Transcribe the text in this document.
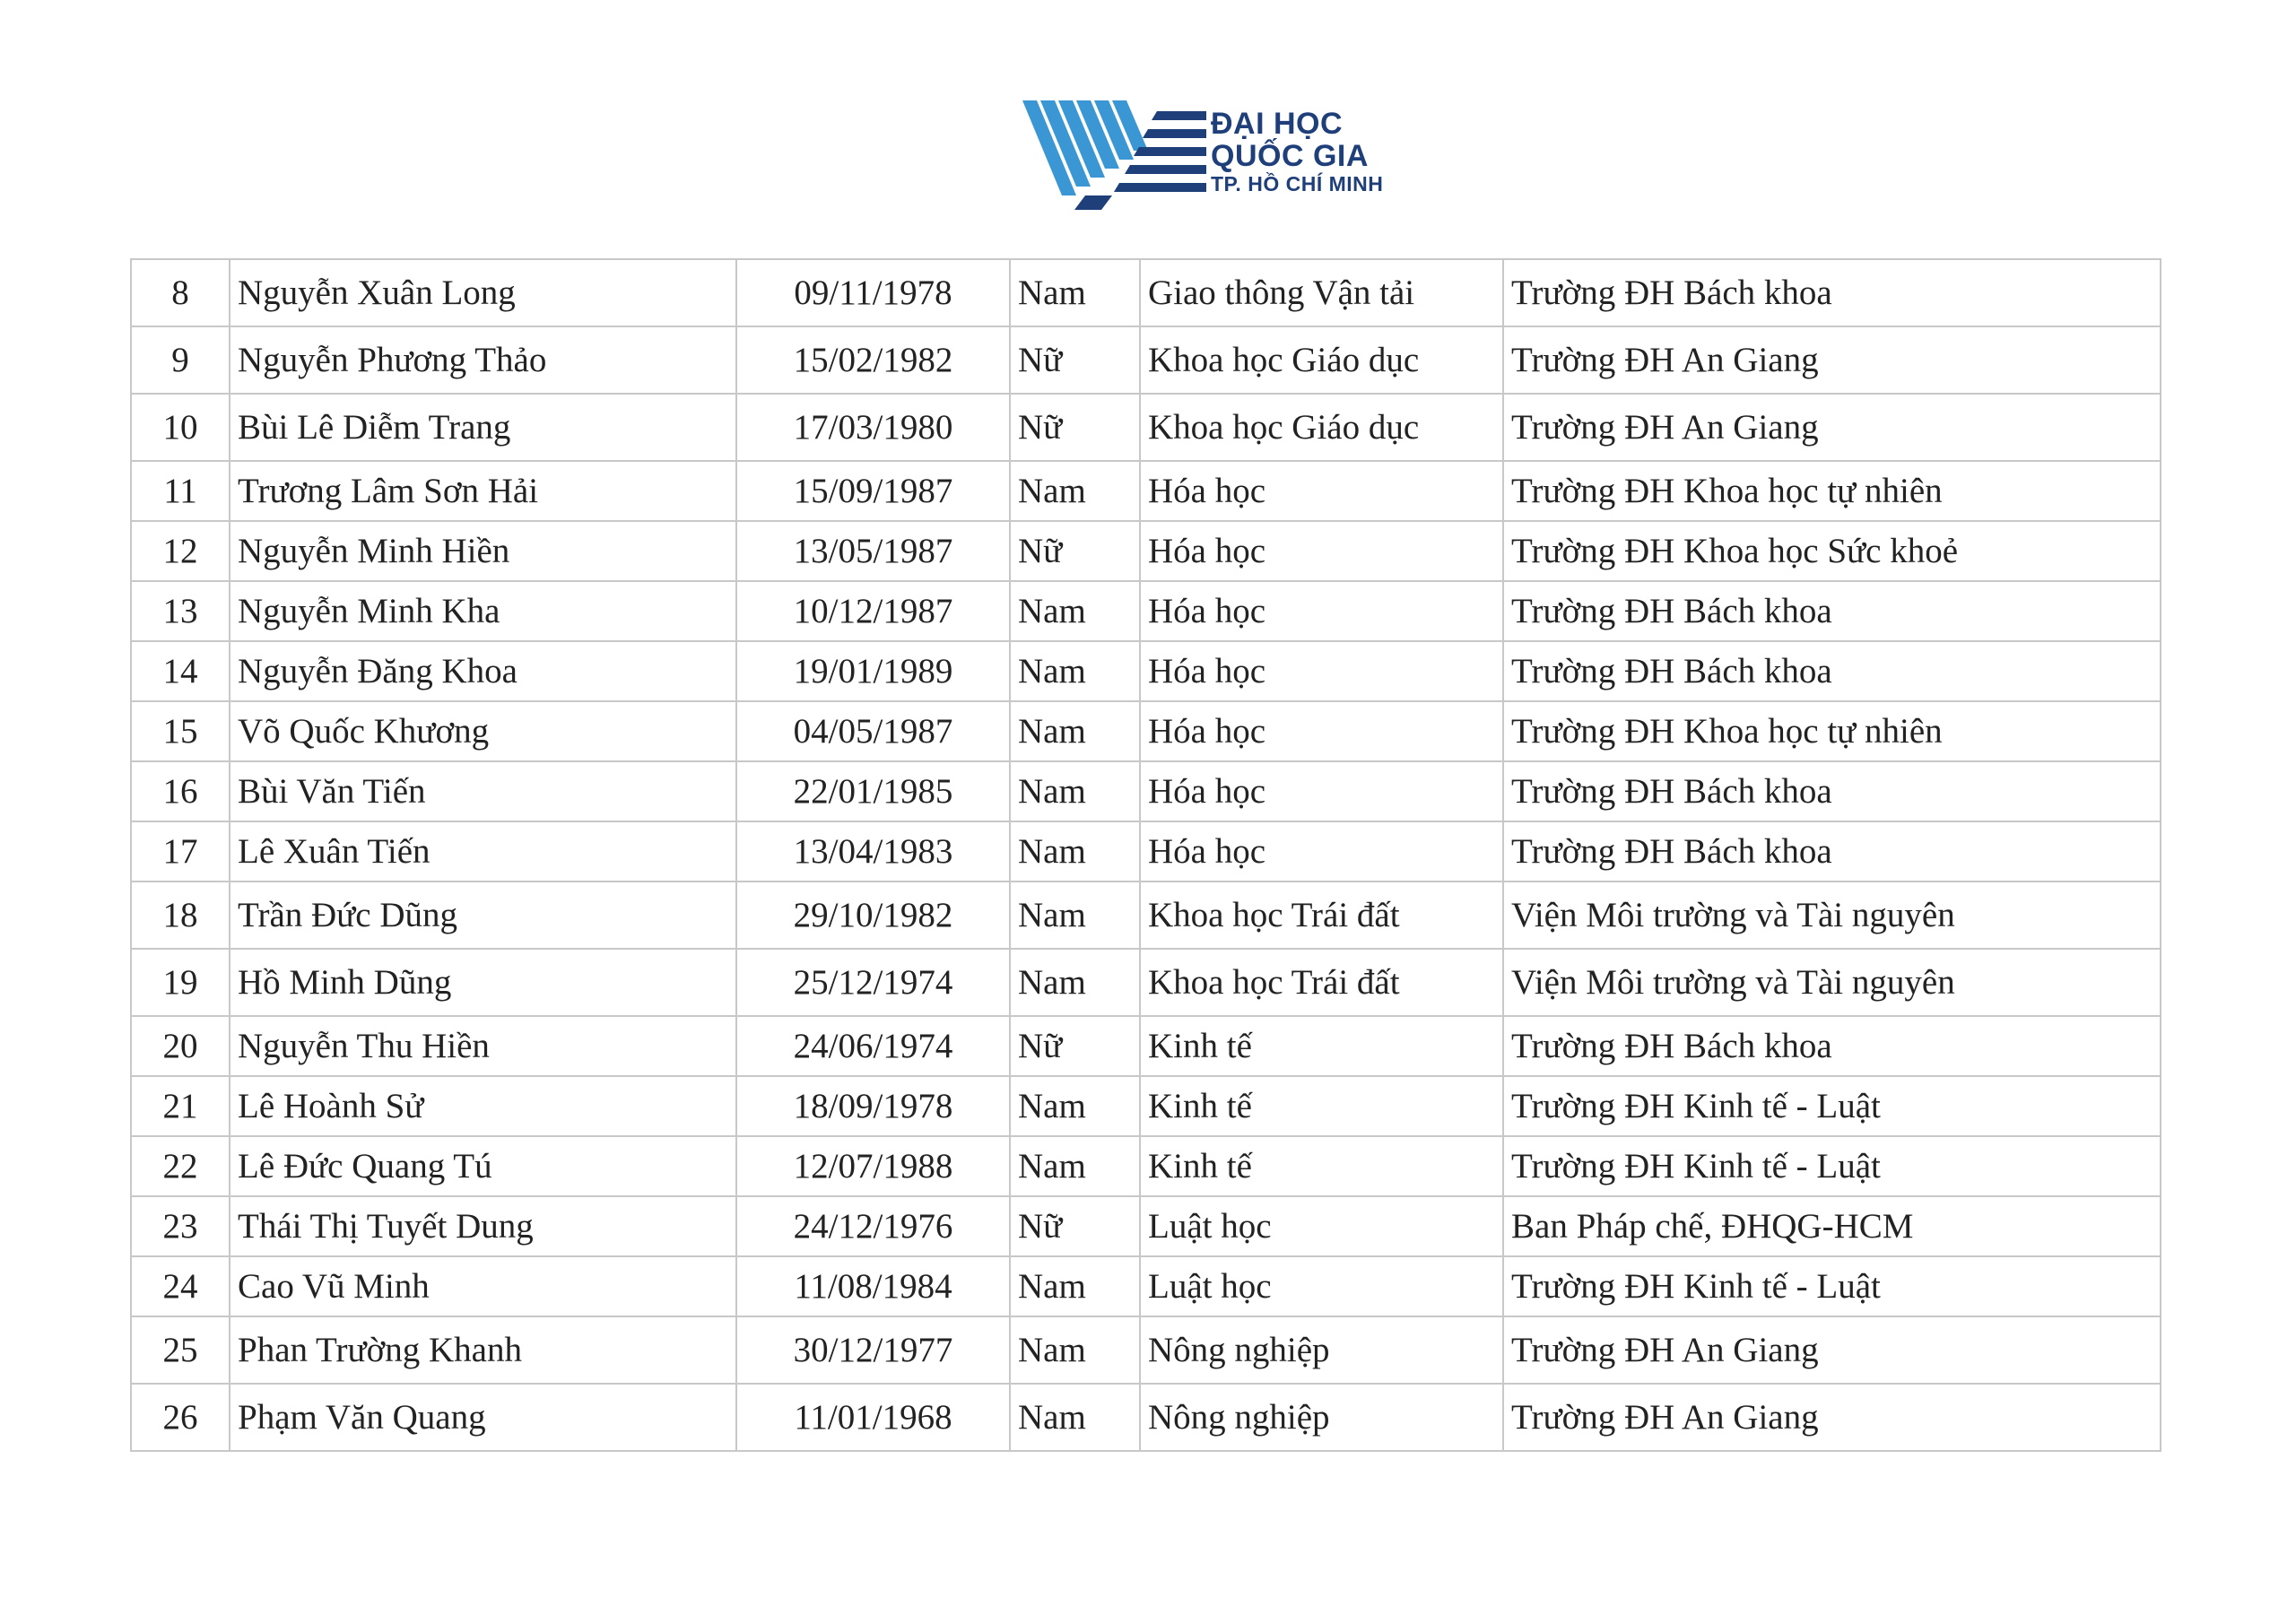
ĐẠI HỌC
QUỐC GIA
TP. HỒ CHÍ MINH
8	Nguyễn Xuân Long	09/11/1978	Nam	Giao thông Vận tải	Trường ĐH Bách khoa
9	Nguyễn Phương Thảo	15/02/1982	Nữ	Khoa học Giáo dục	Trường ĐH An Giang
10	Bùi Lê Diễm Trang	17/03/1980	Nữ	Khoa học Giáo dục	Trường ĐH An Giang
11	Trương Lâm Sơn Hải	15/09/1987	Nam	Hóa học	Trường ĐH Khoa học tự nhiên
12	Nguyễn Minh Hiền	13/05/1987	Nữ	Hóa học	Trường ĐH Khoa học Sức khoẻ
13	Nguyễn Minh Kha	10/12/1987	Nam	Hóa học	Trường ĐH Bách khoa
14	Nguyễn Đăng Khoa	19/01/1989	Nam	Hóa học	Trường ĐH Bách khoa
15	Võ Quốc Khương	04/05/1987	Nam	Hóa học	Trường ĐH Khoa học tự nhiên
16	Bùi Văn Tiến	22/01/1985	Nam	Hóa học	Trường ĐH Bách khoa
17	Lê Xuân Tiến	13/04/1983	Nam	Hóa học	Trường ĐH Bách khoa
18	Trần Đức Dũng	29/10/1982	Nam	Khoa học Trái đất	Viện Môi trường và Tài nguyên
19	Hồ Minh Dũng	25/12/1974	Nam	Khoa học Trái đất	Viện Môi trường và Tài nguyên
20	Nguyễn Thu Hiền	24/06/1974	Nữ	Kinh tế	Trường ĐH Bách khoa
21	Lê Hoành Sử	18/09/1978	Nam	Kinh tế	Trường ĐH Kinh tế - Luật
22	Lê Đức Quang Tú	12/07/1988	Nam	Kinh tế	Trường ĐH Kinh tế - Luật
23	Thái Thị Tuyết Dung	24/12/1976	Nữ	Luật học	Ban Pháp chế, ĐHQG-HCM
24	Cao Vũ Minh	11/08/1984	Nam	Luật học	Trường ĐH Kinh tế - Luật
25	Phan Trường Khanh	30/12/1977	Nam	Nông nghiệp	Trường ĐH An Giang
26	Phạm Văn Quang	11/01/1968	Nam	Nông nghiệp	Trường ĐH An Giang
